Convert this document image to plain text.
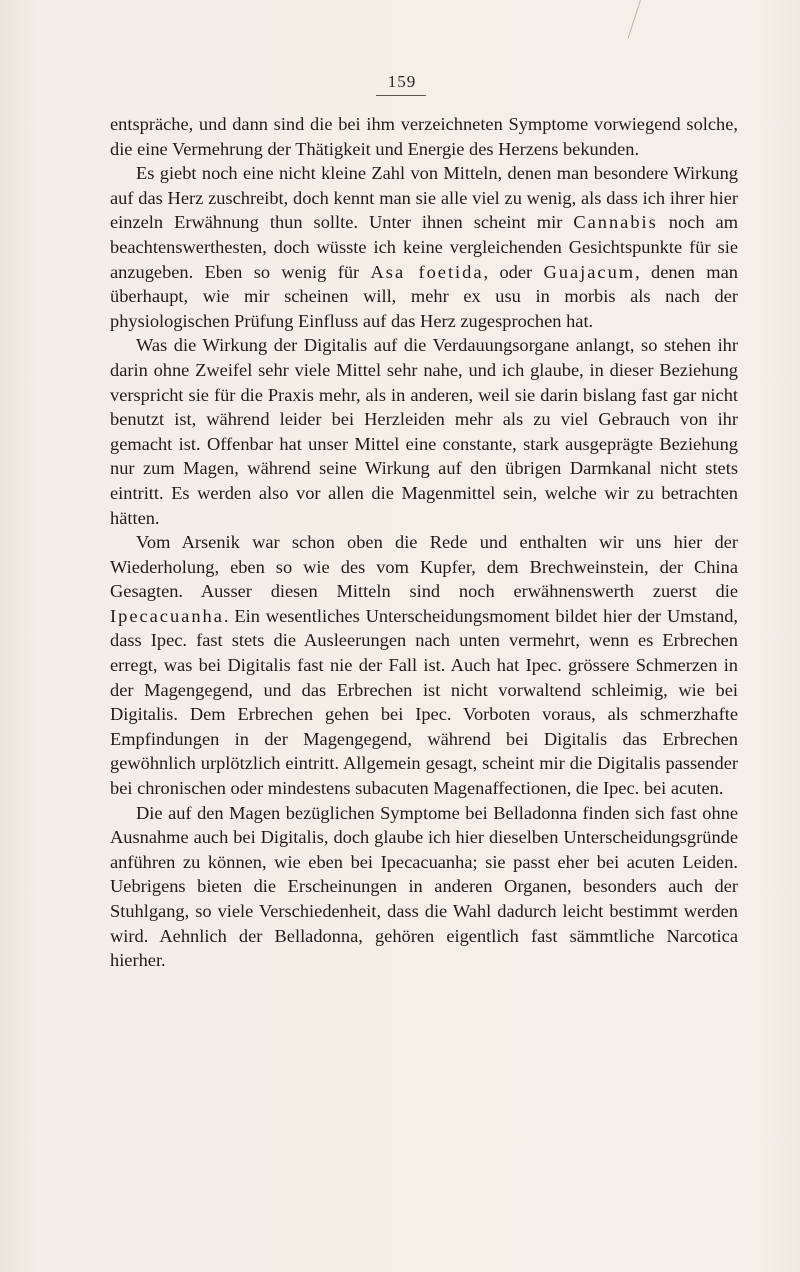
159

entspräche, und dann sind die bei ihm verzeichneten Symptome vorwiegend solche, die eine Vermehrung der Thätigkeit und Energie des Herzens bekunden.

Es giebt noch eine nicht kleine Zahl von Mitteln, denen man besondere Wirkung auf das Herz zuschreibt, doch kennt man sie alle viel zu wenig, als dass ich ihrer hier einzeln Erwähnung thun sollte. Unter ihnen scheint mir Cannabis noch am beachtenswerthesten, doch wüsste ich keine vergleichenden Gesichtspunkte für sie anzugeben. Eben so wenig für Asa foetida, oder Guajacum, denen man überhaupt, wie mir scheinen will, mehr ex usu in morbis als nach der physiologischen Prüfung Einfluss auf das Herz zugesprochen hat.

Was die Wirkung der Digitalis auf die Verdauungsorgane anlangt, so stehen ihr darin ohne Zweifel sehr viele Mittel sehr nahe, und ich glaube, in dieser Beziehung verspricht sie für die Praxis mehr, als in anderen, weil sie darin bislang fast gar nicht benutzt ist, während leider bei Herzleiden mehr als zu viel Gebrauch von ihr gemacht ist. Offenbar hat unser Mittel eine constante, stark ausgeprägte Beziehung nur zum Magen, während seine Wirkung auf den übrigen Darmkanal nicht stets eintritt. Es werden also vor allen die Magenmittel sein, welche wir zu betrachten hätten.

Vom Arsenik war schon oben die Rede und enthalten wir uns hier der Wiederholung, eben so wie des vom Kupfer, dem Brechweinstein, der China Gesagten. Ausser diesen Mitteln sind noch erwähnenswerth zuerst die Ipecacuanha. Ein wesentliches Unterscheidungsmoment bildet hier der Umstand, dass Ipec. fast stets die Ausleerungen nach unten vermehrt, wenn es Erbrechen erregt, was bei Digitalis fast nie der Fall ist. Auch hat Ipec. grössere Schmerzen in der Magengegend, und das Erbrechen ist nicht vorwaltend schleimig, wie bei Digitalis. Dem Erbrechen gehen bei Ipec. Vorboten voraus, als schmerzhafte Empfindungen in der Magengegend, während bei Digitalis das Erbrechen gewöhnlich urplötzlich eintritt. Allgemein gesagt, scheint mir die Digitalis passender bei chronischen oder mindestens subacuten Magenaffectionen, die Ipec. bei acuten.

Die auf den Magen bezüglichen Symptome bei Belladonna finden sich fast ohne Ausnahme auch bei Digitalis, doch glaube ich hier dieselben Unterscheidungsgründe anführen zu können, wie eben bei Ipecacuanha; sie passt eher bei acuten Leiden. Uebrigens bieten die Erscheinungen in anderen Organen, besonders auch der Stuhlgang, so viele Verschiedenheit, dass die Wahl dadurch leicht bestimmt werden wird. Aehnlich der Belladonna, gehören eigentlich fast sämmtliche Narcotica hierher.
